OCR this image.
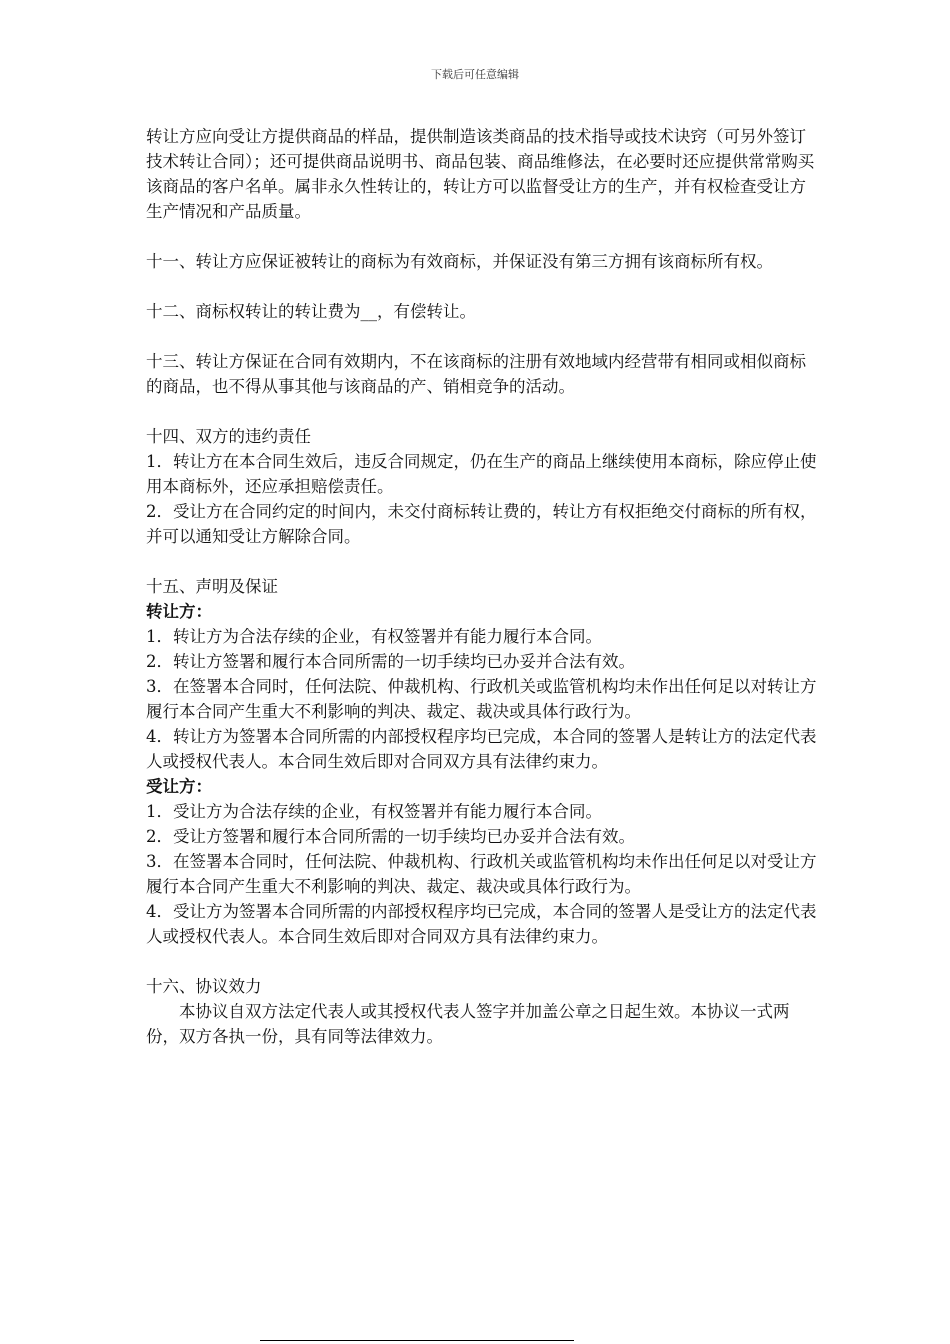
下载后可任意编辑

转让方应向受让方提供商品的样品，提供制造该类商品的技术指导或技术诀窍（可另外签订技术转让合同）；还可提供商品说明书、商品包装、商品维修法，在必要时还应提供常常购买该商品的客户名单。属非永久性转让的，转让方可以监督受让方的生产，并有权检查受让方生产情况和产品质量。

十一、转让方应保证被转让的商标为有效商标，并保证没有第三方拥有该商标所有权。

十二、商标权转让的转让费为__，有偿转让。

十三、转让方保证在合同有效期内，不在该商标的注册有效地域内经营带有相同或相似商标的商品，也不得从事其他与该商品的产、销相竞争的活动。

十四、双方的违约责任

1．转让方在本合同生效后，违反合同规定，仍在生产的商品上继续使用本商标，除应停止使用本商标外，还应承担赔偿责任。

2．受让方在合同约定的时间内，未交付商标转让费的，转让方有权拒绝交付商标的所有权，并可以通知受让方解除合同。

十五、声明及保证

转让方：

1．转让方为合法存续的企业，有权签署并有能力履行本合同。

2．转让方签署和履行本合同所需的一切手续均已办妥并合法有效。

3．在签署本合同时，任何法院、仲裁机构、行政机关或监管机构均未作出任何足以对转让方履行本合同产生重大不利影响的判决、裁定、裁决或具体行政行为。

4．转让方为签署本合同所需的内部授权程序均已完成，本合同的签署人是转让方的法定代表人或授权代表人。本合同生效后即对合同双方具有法律约束力。

受让方：

1．受让方为合法存续的企业，有权签署并有能力履行本合同。

2．受让方签署和履行本合同所需的一切手续均已办妥并合法有效。

3．在签署本合同时，任何法院、仲裁机构、行政机关或监管机构均未作出任何足以对受让方履行本合同产生重大不利影响的判决、裁定、裁决或具体行政行为。

4．受让方为签署本合同所需的内部授权程序均已完成，本合同的签署人是受让方的法定代表人或授权代表人。本合同生效后即对合同双方具有法律约束力。

十六、协议效力

本协议自双方法定代表人或其授权代表人签字并加盖公章之日起生效。本协议一式两份，双方各执一份，具有同等法律效力。
